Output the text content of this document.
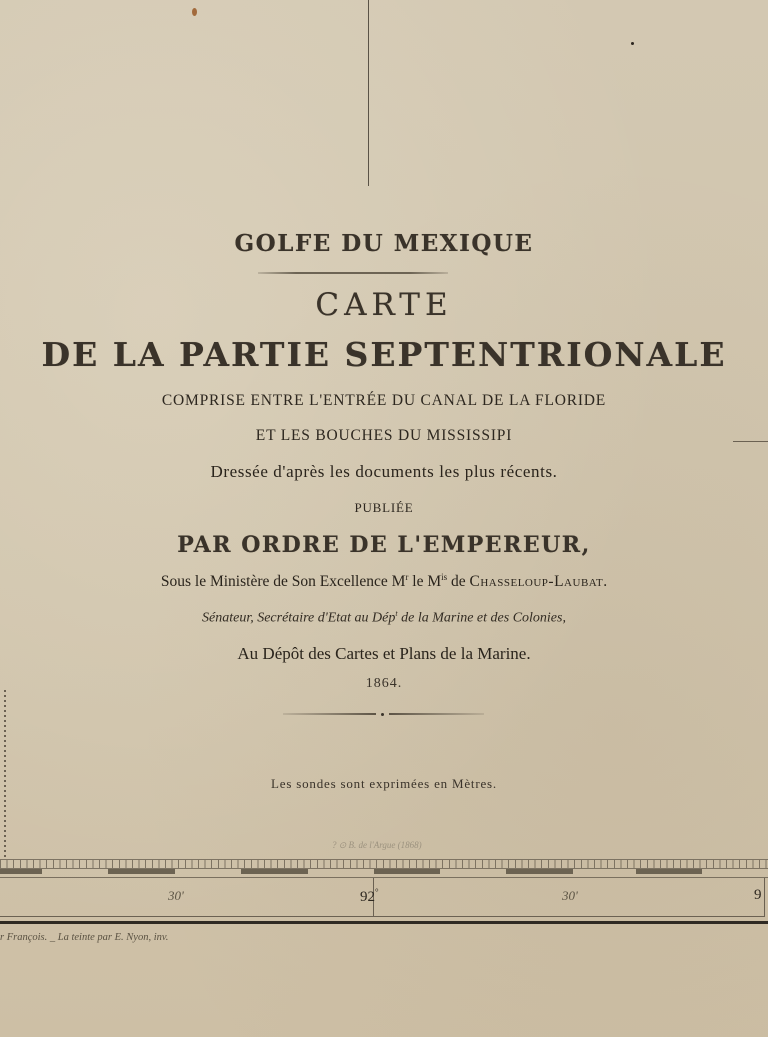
GOLFE DU MEXIQUE
CARTE
DE LA PARTIE SEPTENTRIONALE
COMPRISE ENTRE L'ENTRÉE DU CANAL DE LA FLORIDE
ET LES BOUCHES DU MISSISSIPI
Dressée d'après les documents les plus récents.
PUBLIÉE
PAR ORDRE DE L'EMPEREUR,
Sous le Ministère de Son Excellence $M^r$ le $M^{is}$ de Chasseloup-Laubat.
Sénateur, Secrétaire d'Etat au Dép$^t$ de la Marine et des Colonies,
Au Dépôt des Cartes et Plans de la Marine.
1864.
Les sondes sont exprimées en Mètres.
? ⊙ B. de l'Argue (1868)
30'	92°	30'	9
r François. _ La teinte par E. Nyon, inv.
